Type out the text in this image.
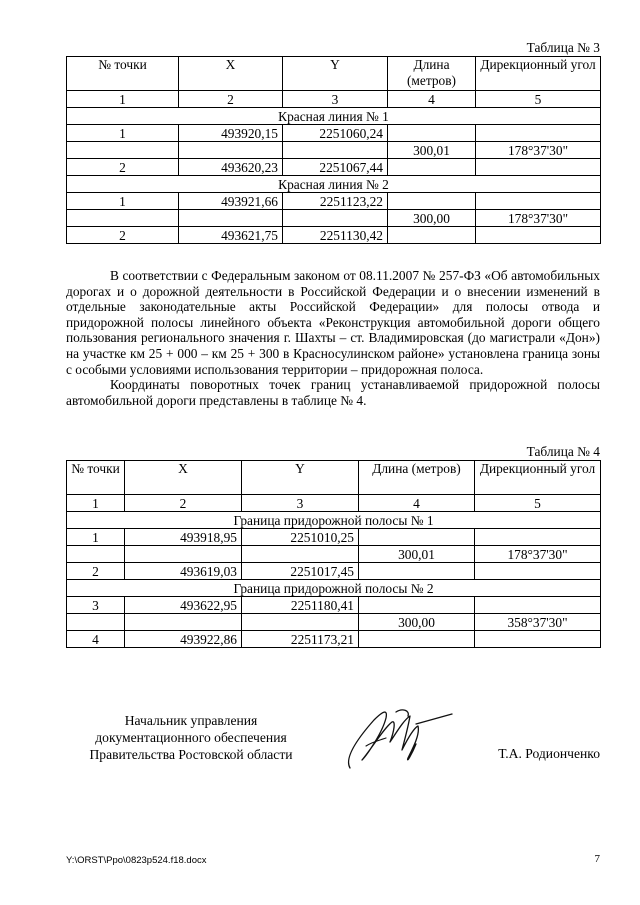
Таблица № 3
№ точки	X	Y	Длина (метров)	Дирекционный угол
1	2	3	4	5
Красная линия № 1				
1	493920,15	2251060,24		
			300,01	178°37'30"
2	493620,23	2251067,44		
Красная линия № 2				
1	493921,66	2251123,22		
			300,00	178°37'30"
2	493621,75	2251130,42		

В соответствии с Федеральным законом от 08.11.2007 № 257-ФЗ «Об автомобильных дорогах и о дорожной деятельности в Российской Федерации и о внесении изменений в отдельные законодательные акты Российской Федерации» для полосы отвода и придорожной полосы линейного объекта «Реконструкция автомобильной дороги общего пользования регионального значения г. Шахты – ст. Владимировская (до магистрали «Дон») на участке км 25 + 000 – км 25 + 300 в Красносулинском районе» установлена граница зоны с особыми условиями использования территории – придорожная полоса.

Координаты поворотных точек границ устанавливаемой придорожной полосы автомобильной дороги представлены в таблице № 4.

Таблица № 4
№ точки	X	Y	Длина (метров)	Дирекционный угол
1	2	3	4	5
Граница придорожной полосы № 1				
1	493918,95	2251010,25		
			300,01	178°37'30"
2	493619,03	2251017,45		
Граница придорожной полосы № 2				
3	493622,95	2251180,41		
			300,00	358°37'30"
4	493922,86	2251173,21		
Начальник управления
документационного обеспечения
Правительства Ростовской области	Т.А. Родионченко
Y:\ORST\Ppo\0823p524.f18.docx	7
